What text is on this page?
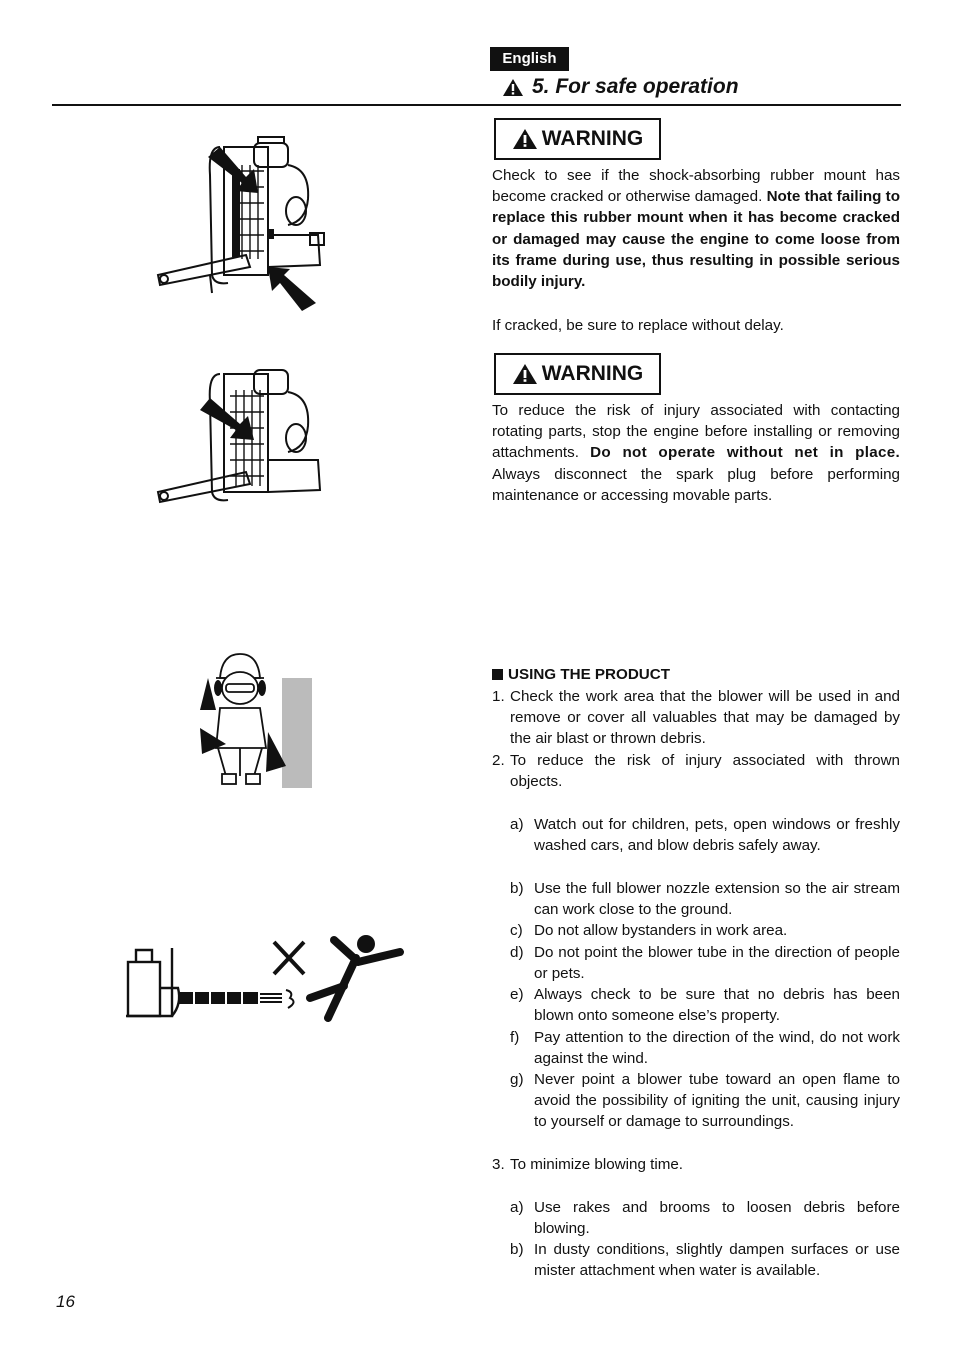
English
5. For safe operation
WARNING
Check to see if the shock-absorbing rubber mount has become cracked or otherwise damaged. Note that failing to replace this rubber mount when it has become cracked or damaged may cause the engine to come loose from its frame during use, thus resulting in possible serious bodily injury.
If cracked, be sure to replace without delay.
WARNING
To reduce the risk of injury associated with contacting rotating parts, stop the engine before installing or removing attachments. Do not operate without net in place. Always disconnect the spark plug before performing maintenance or accessing movable parts.
USING THE PRODUCT
1. Check the work area that the blower will be used in and remove or cover all valuables that may be damaged by the air blast or thrown debris.
2. To reduce the risk of injury associated with thrown objects.
a) Watch out for children, pets, open windows or freshly washed cars, and blow debris safely away.
b) Use the full blower nozzle extension so the air stream can work close to the ground.
c) Do not allow bystanders in work area.
d) Do not point the blower tube in the direction of people or pets.
e) Always check to be sure that no debris has been blown onto someone else’s property.
f) Pay attention to the direction of the wind, do not work against the wind.
g) Never point a blower tube toward an open flame to avoid the possibility of igniting the unit, causing injury to yourself or damage to surroundings.
3. To minimize blowing time.
a) Use rakes and brooms to loosen debris before blowing.
b) In dusty conditions, slightly dampen surfaces or use mister attachment when water is available.
16
